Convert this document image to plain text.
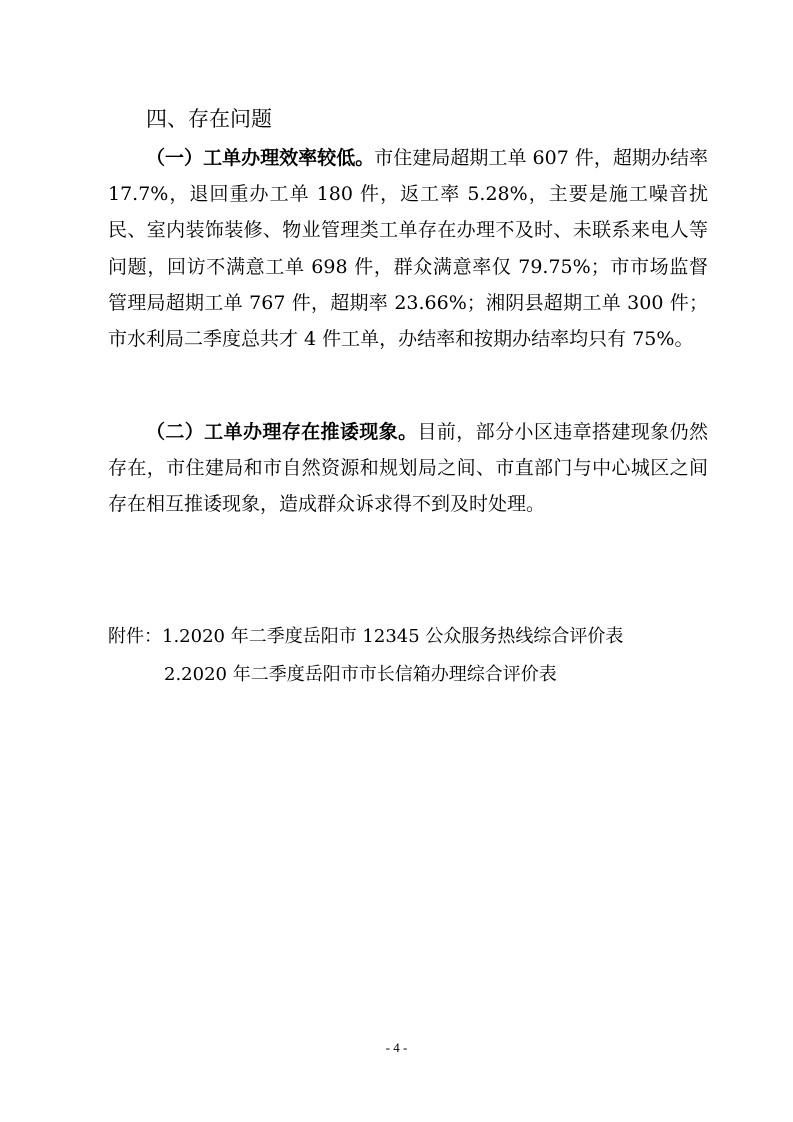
四、存在问题

（一）工单办理效率较低。市住建局超期工单 607 件，超期办结率 17.7%，退回重办工单 180 件，返工率 5.28%，主要是施工噪音扰民、室内装饰装修、物业管理类工单存在办理不及时、未联系来电人等问题，回访不满意工单 698 件，群众满意率仅 79.75%；市市场监督管理局超期工单 767 件，超期率 23.66%；湘阴县超期工单 300 件；市水利局二季度总共才 4 件工单，办结率和按期办结率均只有 75%。

（二）工单办理存在推诿现象。目前，部分小区违章搭建现象仍然存在，市住建局和市自然资源和规划局之间、市直部门与中心城区之间存在相互推诿现象，造成群众诉求得不到及时处理。

附件：1.2020 年二季度岳阳市 12345 公众服务热线综合评价表
2.2020 年二季度岳阳市市长信箱办理综合评价表
- 4 -
